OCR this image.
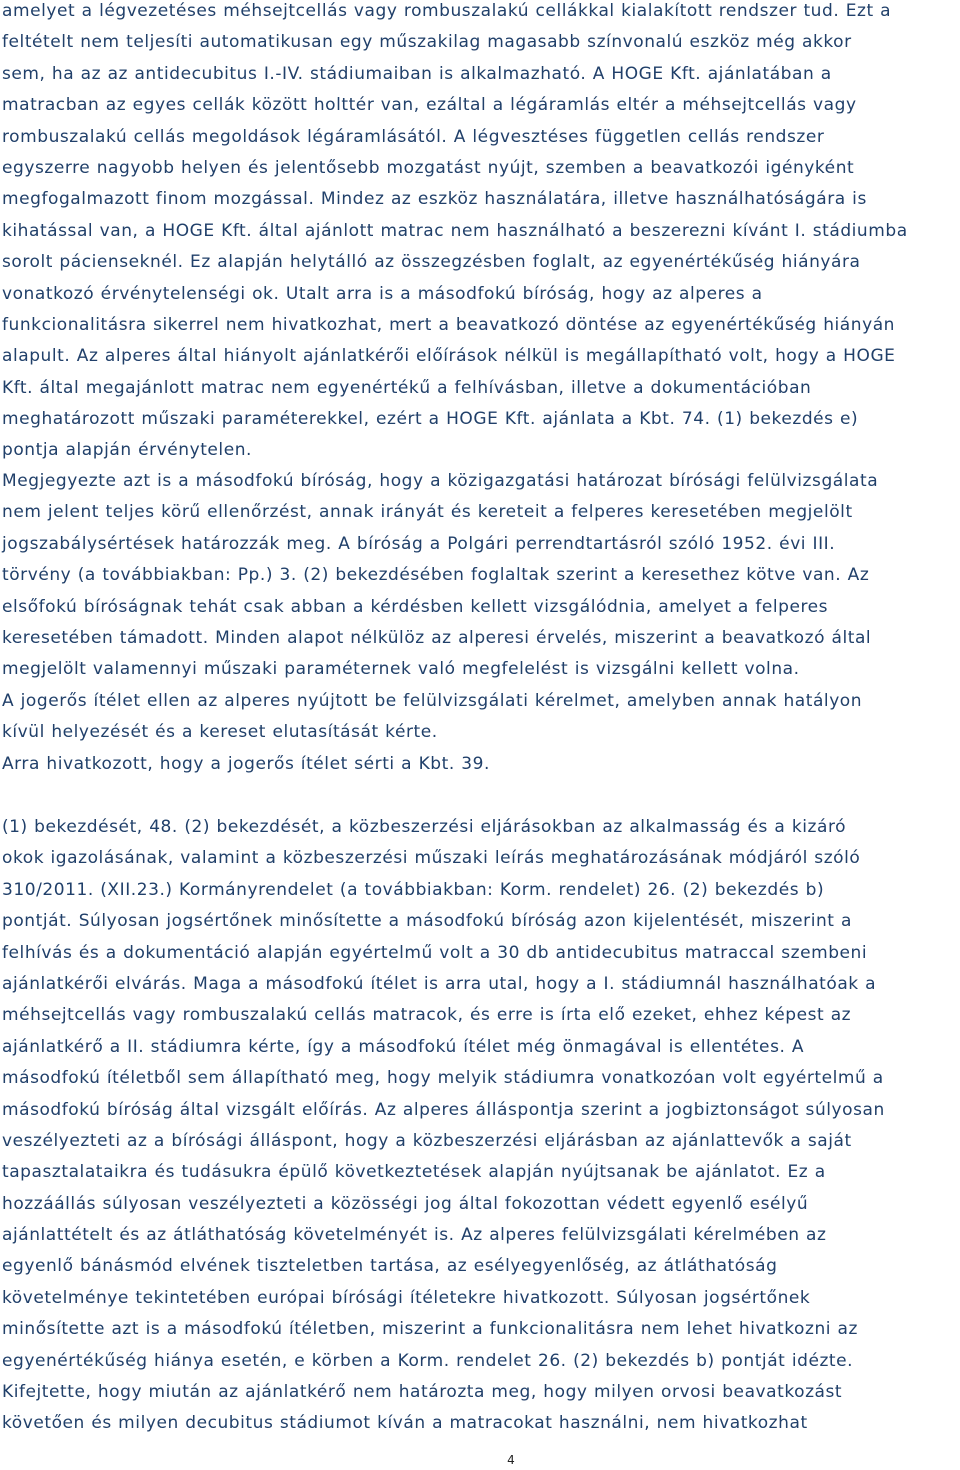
amelyet a légvezetéses méhsejtcellás vagy rombuszalakú cellákkal kialakított rendszer tud. Ezt a
feltételt nem teljesíti automatikusan egy műszakilag magasabb színvonalú eszköz még akkor
sem, ha az az antidecubitus I.-IV. stádiumaiban is alkalmazható. A HOGE Kft. ajánlatában a
matracban az egyes cellák között holttér van, ezáltal a légáramlás eltér a méhsejtcellás vagy
rombuszalakú cellás megoldások légáramlásától. A légvesztéses független cellás rendszer
egyszerre nagyobb helyen és jelentősebb mozgatást nyújt, szemben a beavatkozói igényként
megfogalmazott finom mozgással. Mindez az eszköz használatára, illetve használhatóságára is
kihatással van, a HOGE Kft. által ajánlott matrac nem használható a beszerezni kívánt I. stádiumba
sorolt pácienseknél. Ez alapján helytálló az összegzésben foglalt, az egyenértékűség hiányára
vonatkozó érvénytelenségi ok. Utalt arra is a másodfokú bíróság, hogy az alperes a
funkcionalitásra sikerrel nem hivatkozhat, mert a beavatkozó döntése az egyenértékűség hiányán
alapult. Az alperes által hiányolt ajánlatkérői előírások nélkül is megállapítható volt, hogy a HOGE
Kft. által megajánlott matrac nem egyenértékű a felhívásban, illetve a dokumentációban
meghatározott műszaki paraméterekkel, ezért a HOGE Kft. ajánlata a Kbt. 74. (1) bekezdés e)
pontja alapján érvénytelen.
Megjegyezte azt is a másodfokú bíróság, hogy a közigazgatási határozat bírósági felülvizsgálata
nem jelent teljes körű ellenőrzést, annak irányát és kereteit a felperes keresetében megjelölt
jogszabálysértések határozzák meg. A bíróság a Polgári perrendtartásról szóló 1952. évi III.
törvény (a továbbiakban: Pp.) 3. (2) bekezdésében foglaltak szerint a keresethez kötve van. Az
elsőfokú bíróságnak tehát csak abban a kérdésben kellett vizsgálódnia, amelyet a felperes
keresetében támadott. Minden alapot nélkülöz az alperesi érvelés, miszerint a beavatkozó által
megjelölt valamennyi műszaki paraméternek való megfelelést is vizsgálni kellett volna.
A jogerős ítélet ellen az alperes nyújtott be felülvizsgálati kérelmet, amelyben annak hatályon
kívül helyezését és a kereset elutasítását kérte.
Arra hivatkozott, hogy a jogerős ítélet sérti a Kbt. 39.
(1) bekezdését, 48. (2) bekezdését, a közbeszerzési eljárásokban az alkalmasság és a kizáró
okok igazolásának, valamint a közbeszerzési műszaki leírás meghatározásának módjáról szóló
310/2011. (XII.23.) Kormányrendelet (a továbbiakban: Korm. rendelet) 26. (2) bekezdés b)
pontját. Súlyosan jogsértőnek minősítette a másodfokú bíróság azon kijelentését, miszerint a
felhívás és a dokumentáció alapján egyértelmű volt a 30 db antidecubitus matraccal szembeni
ajánlatkérői elvárás. Maga a másodfokú ítélet is arra utal, hogy a I. stádiumnál használhatóak a
méhsejtcellás vagy rombuszalakú cellás matracok, és erre is írta elő ezeket, ehhez képest az
ajánlatkérő a II. stádiumra kérte, így a másodfokú ítélet még önmagával is ellentétes. A
másodfokú ítéletből sem állapítható meg, hogy melyik stádiumra vonatkozóan volt egyértelmű a
másodfokú bíróság által vizsgált előírás. Az alperes álláspontja szerint a jogbiztonságot súlyosan
veszélyezteti az a bírósági álláspont, hogy a közbeszerzési eljárásban az ajánlattevők a saját
tapasztalataikra és tudásukra épülő következtetések alapján nyújtsanak be ajánlatot. Ez a
hozzáállás súlyosan veszélyezteti a közösségi jog által fokozottan védett egyenlő esélyű
ajánlattételt és az átláthatóság követelményét is. Az alperes felülvizsgálati kérelmében az
egyenlő bánásmód elvének tiszteletben tartása, az esélyegyenlőség, az átláthatóság
követelménye tekintetében európai bírósági ítéletekre hivatkozott. Súlyosan jogsértőnek
minősítette azt is a másodfokú ítéletben, miszerint a funkcionalitásra nem lehet hivatkozni az
egyenértékűség hiánya esetén, e körben a Korm. rendelet 26. (2) bekezdés b) pontját idézte.
Kifejtette, hogy miután az ajánlatkérő nem határozta meg, hogy milyen orvosi beavatkozást
követően és milyen decubitus stádiumot kíván a matracokat használni, nem hivatkozhat
4
